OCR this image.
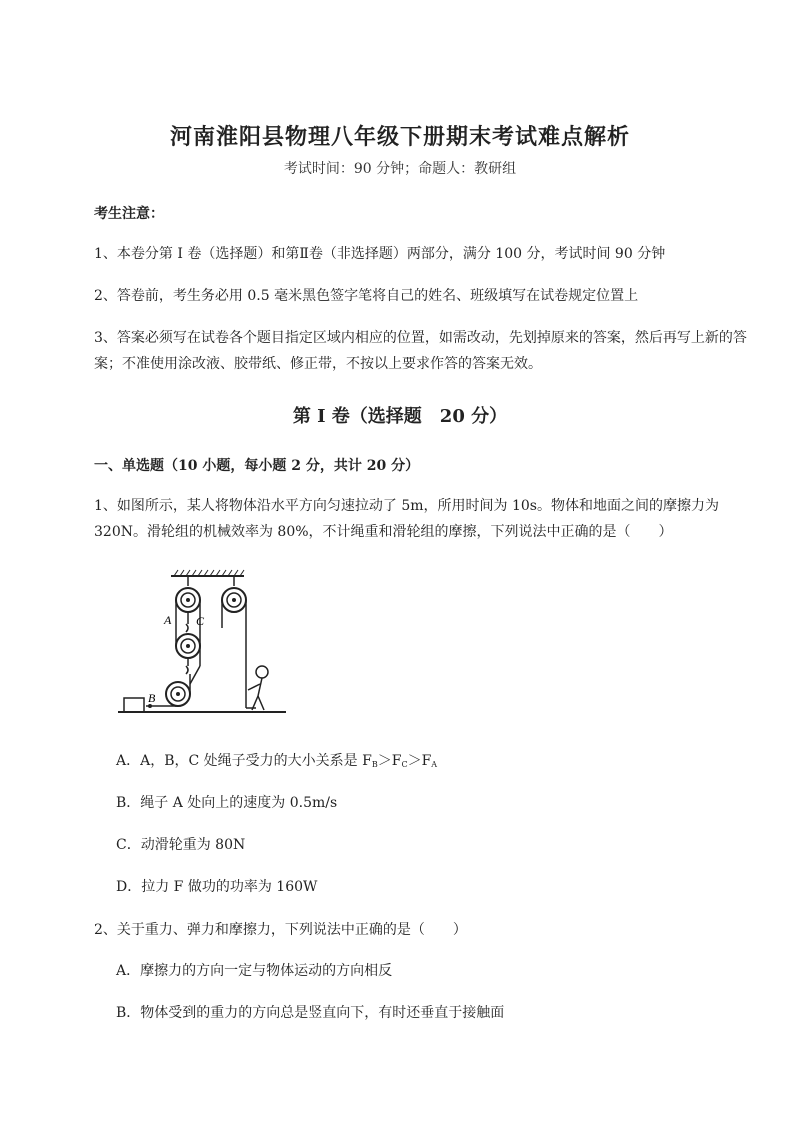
河南淮阳县物理八年级下册期末考试难点解析
考试时间：90 分钟；命题人：教研组
考生注意：
1、本卷分第 I 卷（选择题）和第Ⅱ卷（非选择题）两部分，满分 100 分，考试时间 90 分钟
2、答卷前，考生务必用 0.5 毫米黑色签字笔将自己的姓名、班级填写在试卷规定位置上
3、答案必须写在试卷各个题目指定区域内相应的位置，如需改动，先划掉原来的答案，然后再写上新的答案；不准使用涂改液、胶带纸、修正带，不按以上要求作答的答案无效。
第 I 卷（选择题　20 分）
一、单选题（10 小题，每小题 2 分，共计 20 分）
1、如图所示，某人将物体沿水平方向匀速拉动了 5m，所用时间为 10s。物体和地面之间的摩擦力为 320N。滑轮组的机械效率为 80%，不计绳重和滑轮组的摩擦，下列说法中正确的是（　　）
A C
B
A．A，B，C 处绳子受力的大小关系是 $F_B>F_C>F_A$
B．绳子 A 处向上的速度为 0.5m/s
C．动滑轮重为 80N
D．拉力 F 做功的功率为 160W
2、关于重力、弹力和摩擦力，下列说法中正确的是（　　）
A．摩擦力的方向一定与物体运动的方向相反
B．物体受到的重力的方向总是竖直向下，有时还垂直于接触面
